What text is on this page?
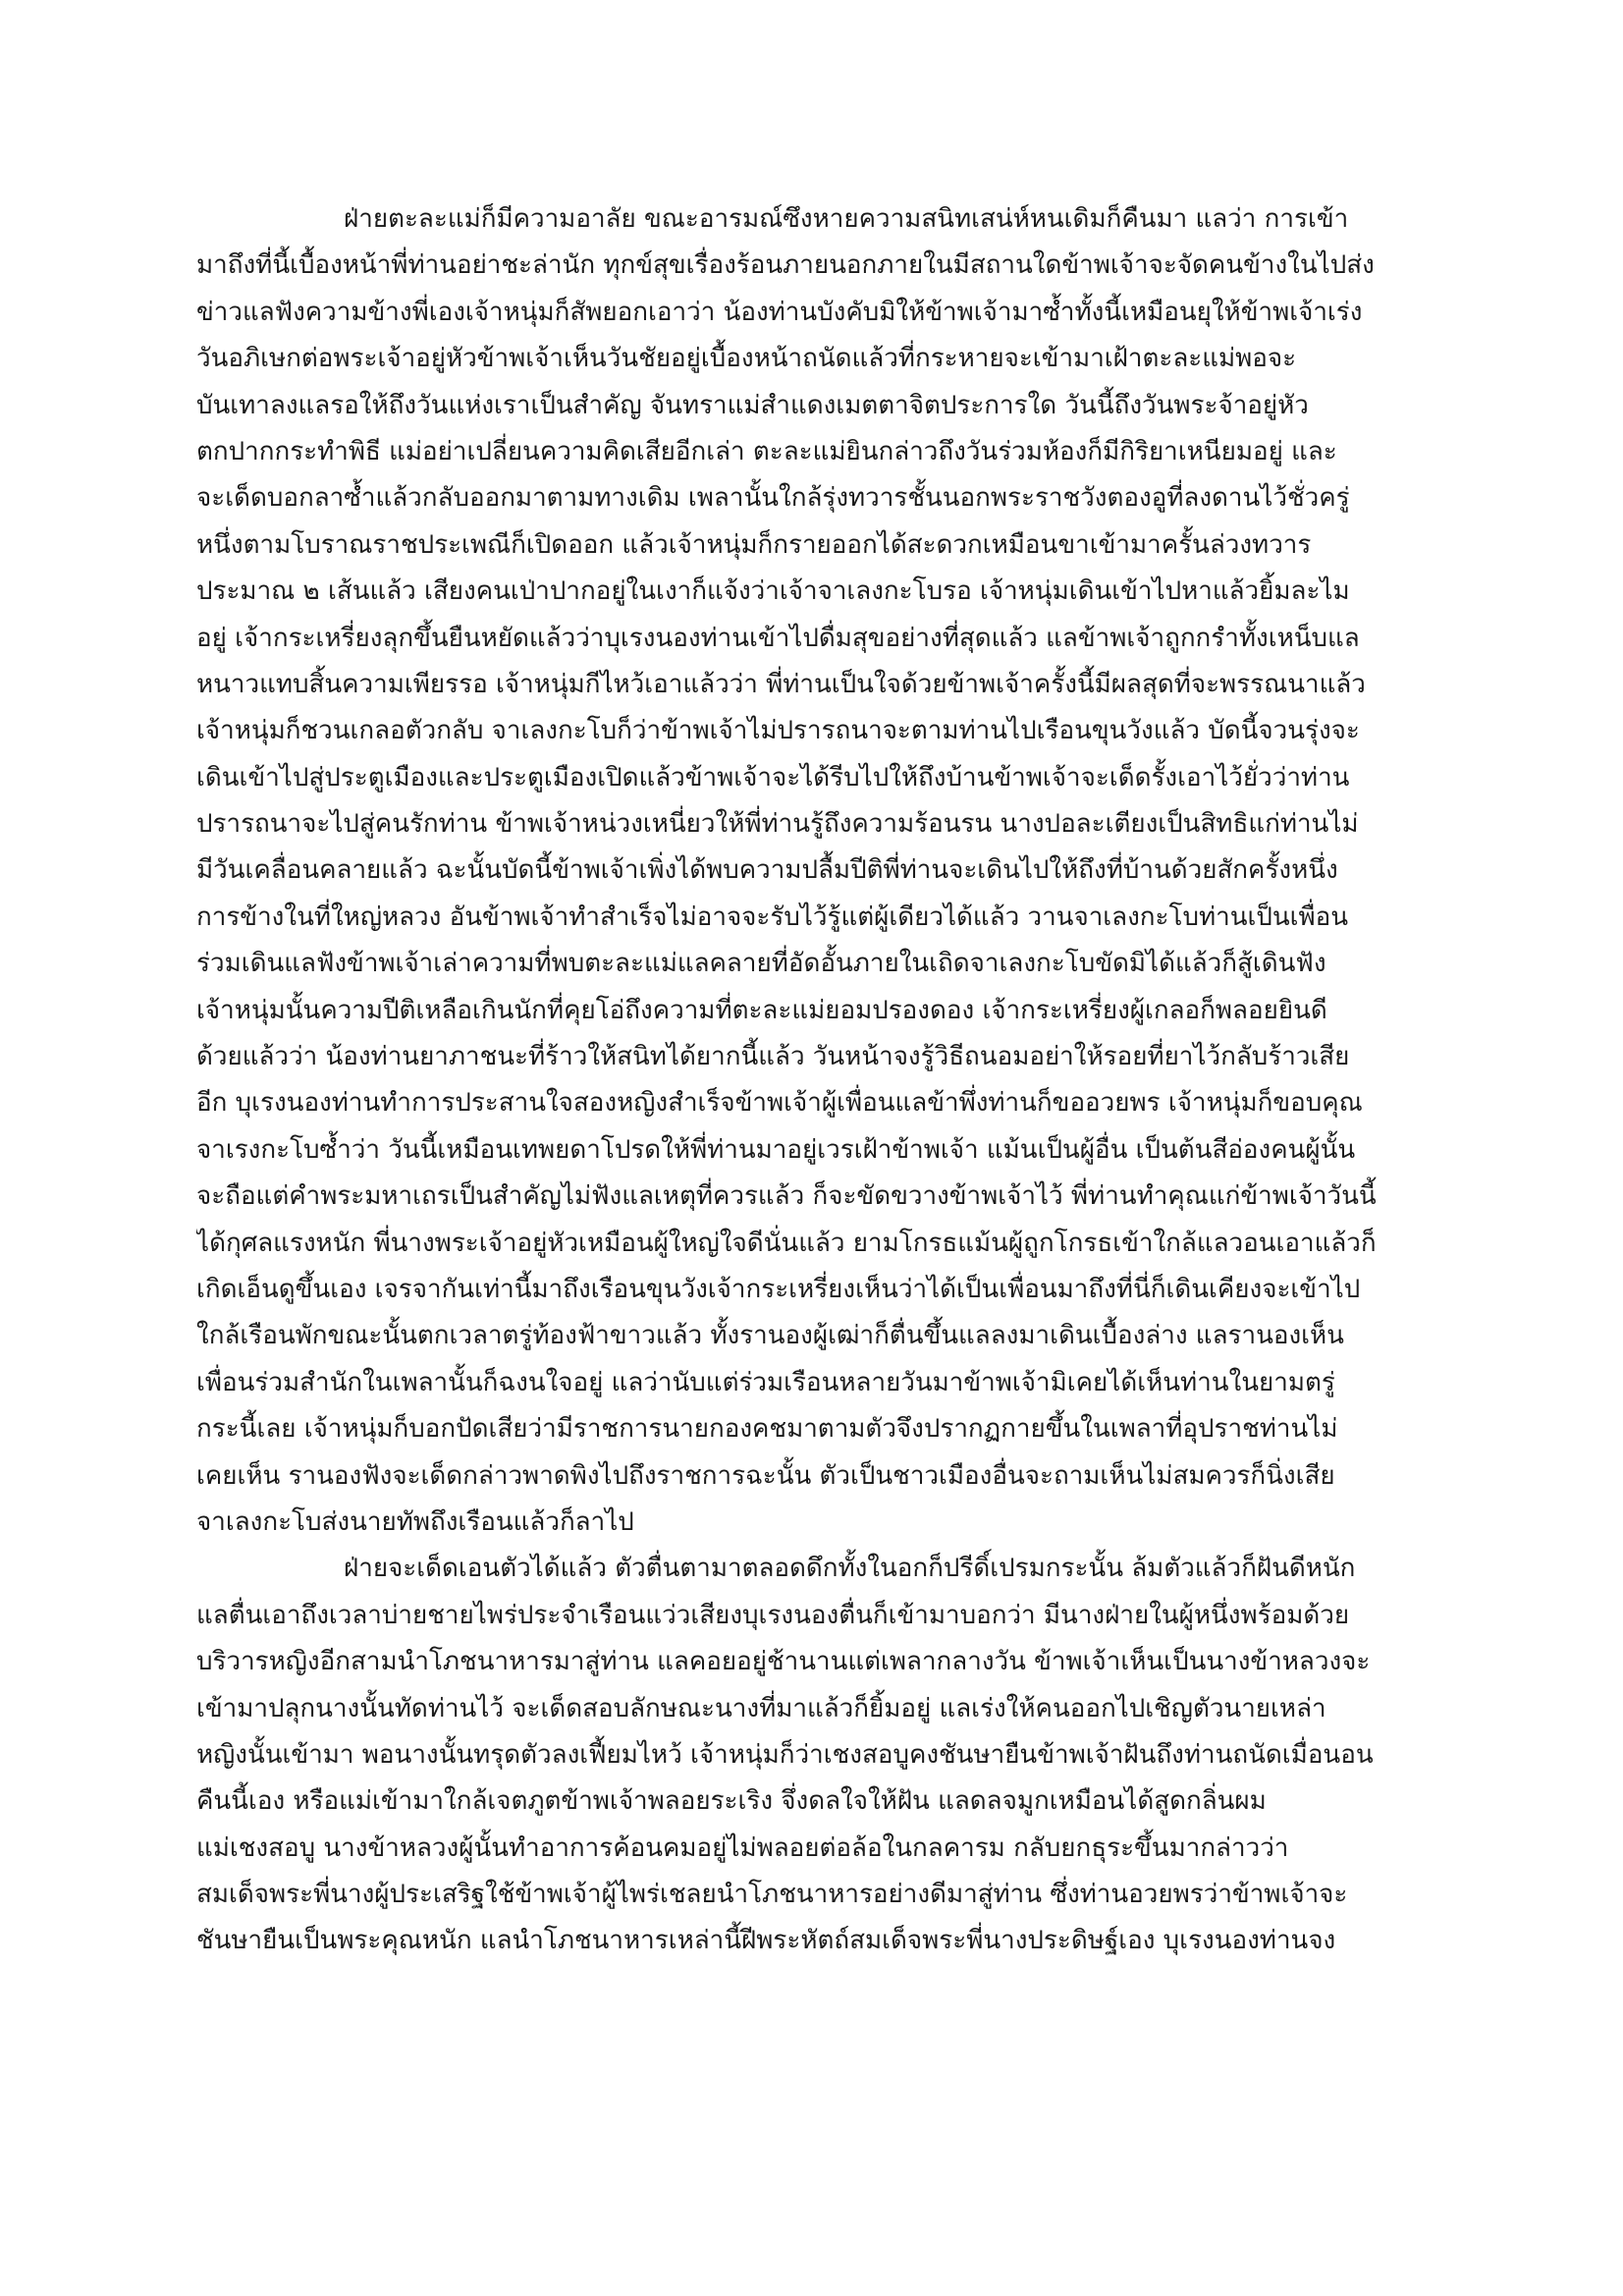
ฝ่ายตะละแม่ก็มีความอาลัย ขณะอารมณ์ซึงหายความสนิทเสน่ห์หนเดิมก็คืนมา แลว่า การเข้า
มาถึงที่นี้เบื้องหน้าพี่ท่านอย่าชะล่านัก ทุกข์สุขเรื่องร้อนภายนอกภายในมีสถานใดข้าพเจ้าจะจัดคนข้างในไปส่ง
ข่าวแลฟังความข้างพี่เองเจ้าหนุ่มก็สัพยอกเอาว่า น้องท่านบังคับมิให้ข้าพเจ้ามาซ้ำทั้งนี้เหมือนยุให้ข้าพเจ้าเร่ง
วันอภิเษกต่อพระเจ้าอยู่หัวข้าพเจ้าเห็นวันชัยอยู่เบื้องหน้าถนัดแล้วที่กระหายจะเข้ามาเฝ้าตะละแม่พอจะ
บันเทาลงแลรอให้ถึงวันแห่งเราเป็นสำคัญ จันทราแม่สำแดงเมตตาจิตประการใด วันนี้ถึงวันพระจ้าอยู่หัว
ตกปากกระทำพิธี แม่อย่าเปลี่ยนความคิดเสียอีกเล่า ตะละแม่ยินกล่าวถึงวันร่วมห้องก็มีกิริยาเหนียมอยู่ และ
จะเด็ดบอกลาซ้ำแล้วกลับออกมาตามทางเดิม เพลานั้นใกล้รุ่งทวารชั้นนอกพระราชวังตองอูที่ลงดานไว้ชั่วครู่
หนึ่งตามโบราณราชประเพณีก็เปิดออก แล้วเจ้าหนุ่มก็กรายออกได้สะดวกเหมือนขาเข้ามาครั้นล่วงทวาร
ประมาณ ๒ เส้นแล้ว เสียงคนเป่าปากอยู่ในเงาก็แจ้งว่าเจ้าจาเลงกะโบรอ เจ้าหนุ่มเดินเข้าไปหาแล้วยิ้มละไม
อยู่ เจ้ากระเหรี่ยงลุกขึ้นยืนหยัดแล้วว่าบุเรงนองท่านเข้าไปดื่มสุขอย่างที่สุดแล้ว แลข้าพเจ้าถูกกรำทั้งเหน็บแล
หนาวแทบสิ้นความเพียรรอ เจ้าหนุ่มกีไหว้เอาแล้วว่า พี่ท่านเป็นใจด้วยข้าพเจ้าครั้งนี้มีผลสุดที่จะพรรณนาแล้ว
เจ้าหนุ่มก็ชวนเกลอตัวกลับ จาเลงกะโบก็ว่าข้าพเจ้าไม่ปรารถนาจะตามท่านไปเรือนขุนวังแล้ว บัดนี้จวนรุ่งจะ
เดินเข้าไปสู่ประตูเมืองและประตูเมืองเปิดแล้วข้าพเจ้าจะได้รีบไปให้ถึงบ้านข้าพเจ้าจะเด็ดรั้งเอาไว้ยั่วว่าท่าน
ปรารถนาจะไปสู่คนรักท่าน ข้าพเจ้าหน่วงเหนี่ยวให้พี่ท่านรู้ถึงความร้อนรน นางปอละเตียงเป็นสิทธิแก่ท่านไม่
มีวันเคลื่อนคลายแล้ว ฉะนั้นบัดนี้ข้าพเจ้าเพิ่งได้พบความปลื้มปีติพี่ท่านจะเดินไปให้ถึงที่บ้านด้วยสักครั้งหนึ่ง
การข้างในที่ใหญ่หลวง อันข้าพเจ้าทำสำเร็จไม่อาจจะรับไว้รู้แต่ผู้เดียวได้แล้ว วานจาเลงกะโบท่านเป็นเพื่อน
ร่วมเดินแลฟังข้าพเจ้าเล่าความที่พบตะละแม่แลคลายที่อัดอั้นภายในเถิดจาเลงกะโบขัดมิได้แล้วก็สู้เดินฟัง
เจ้าหนุ่มนั้นความปีติเหลือเกินนักที่คุยโอ่ถึงความที่ตะละแม่ยอมปรองดอง เจ้ากระเหรี่ยงผู้เกลอก็พลอยยินดี
ด้วยแล้วว่า น้องท่านยาภาชนะที่ร้าวให้สนิทได้ยากนี้แล้ว วันหน้าจงรู้วิธีถนอมอย่าให้รอยที่ยาไว้กลับร้าวเสีย
อีก บุเรงนองท่านทำการประสานใจสองหญิงสำเร็จข้าพเจ้าผู้เพื่อนแลข้าพึ่งท่านก็ขออวยพร เจ้าหนุ่มก็ขอบคุณ
จาเรงกะโบซ้ำว่า วันนี้เหมือนเทพยดาโปรดให้พี่ท่านมาอยู่เวรเฝ้าข้าพเจ้า แม้นเป็นผู้อื่น เป็นต้นสีอ่องคนผู้นั้น
จะถือแต่คำพระมหาเถรเป็นสำคัญไม่ฟังแลเหตุที่ควรแล้ว ก็จะขัดขวางข้าพเจ้าไว้ พี่ท่านทำคุณแก่ข้าพเจ้าวันนี้
ได้กุศลแรงหนัก พี่นางพระเจ้าอยู่หัวเหมือนผู้ใหญ่ใจดีนั่นแล้ว ยามโกรธแม้นผู้ถูกโกรธเข้าใกล้แลวอนเอาแล้วก็
เกิดเอ็นดูขึ้นเอง เจรจากันเท่านี้มาถึงเรือนขุนวังเจ้ากระเหรี่ยงเห็นว่าได้เป็นเพื่อนมาถึงที่นี่ก็เดินเคียงจะเข้าไป
ใกล้เรือนพักขณะนั้นตกเวลาตรู่ท้องฟ้าขาวแล้ว ทั้งรานองผู้เฒ่าก็ตื่นขึ้นแลลงมาเดินเบื้องล่าง แลรานองเห็น
เพื่อนร่วมสำนักในเพลานั้นก็ฉงนใจอยู่ แลว่านับแต่ร่วมเรือนหลายวันมาข้าพเจ้ามิเคยได้เห็นท่านในยามตรู่
กระนี้เลย เจ้าหนุ่มก็บอกปัดเสียว่ามีราชการนายกองคชมาตามตัวจึงปรากฏกายขึ้นในเพลาที่อุปราชท่านไม่
เคยเห็น รานองฟังจะเด็ดกล่าวพาดพิงไปถึงราชการฉะนั้น ตัวเป็นชาวเมืองอื่นจะถามเห็นไม่สมควรก็นิ่งเสีย
จาเลงกะโบส่งนายทัพถึงเรือนแล้วก็ลาไป
ฝ่ายจะเด็ดเอนตัวได้แล้ว ตัวตื่นตามาตลอดดึกทั้งในอกก็ปรีดิ์เปรมกระนั้น ล้มตัวแล้วก็ฝันดีหนัก
แลตื่นเอาถึงเวลาบ่ายชายไพร่ประจำเรือนแว่วเสียงบุเรงนองตื่นก็เข้ามาบอกว่า มีนางฝ่ายในผู้หนึ่งพร้อมด้วย
บริวารหญิงอีกสามนำโภชนาหารมาสู่ท่าน แลคอยอยู่ช้านานแต่เพลากลางวัน ข้าพเจ้าเห็นเป็นนางข้าหลวงจะ
เข้ามาปลุกนางนั้นทัดท่านไว้ จะเด็ดสอบลักษณะนางที่มาแล้วก็ยิ้มอยู่ แลเร่งให้คนออกไปเชิญตัวนายเหล่า
หญิงนั้นเข้ามา พอนางนั้นทรุดตัวลงเฟี้ยมไหว้ เจ้าหนุ่มก็ว่าเชงสอบูคงชันษายืนข้าพเจ้าฝันถึงท่านถนัดเมื่อนอน
คืนนี้เอง หรือแม่เข้ามาใกล้เจตภูตข้าพเจ้าพลอยระเริง จึ่งดลใจให้ฝัน แลดลจมูกเหมือนได้สูดกลิ่นผม
แม่เชงสอบู นางข้าหลวงผู้นั้นทำอาการค้อนคมอยู่ไม่พลอยต่อล้อในกลคารม กลับยกธุระขึ้นมากล่าวว่า
สมเด็จพระพี่นางผู้ประเสริฐใช้ข้าพเจ้าผู้ไพร่เชลยนำโภชนาหารอย่างดีมาสู่ท่าน ซึ่งท่านอวยพรว่าข้าพเจ้าจะ
ชันษายืนเป็นพระคุณหนัก แลนำโภชนาหารเหล่านี้ฝีพระหัตถ์สมเด็จพระพี่นางประดิษฐ์เอง บุเรงนองท่านจง
